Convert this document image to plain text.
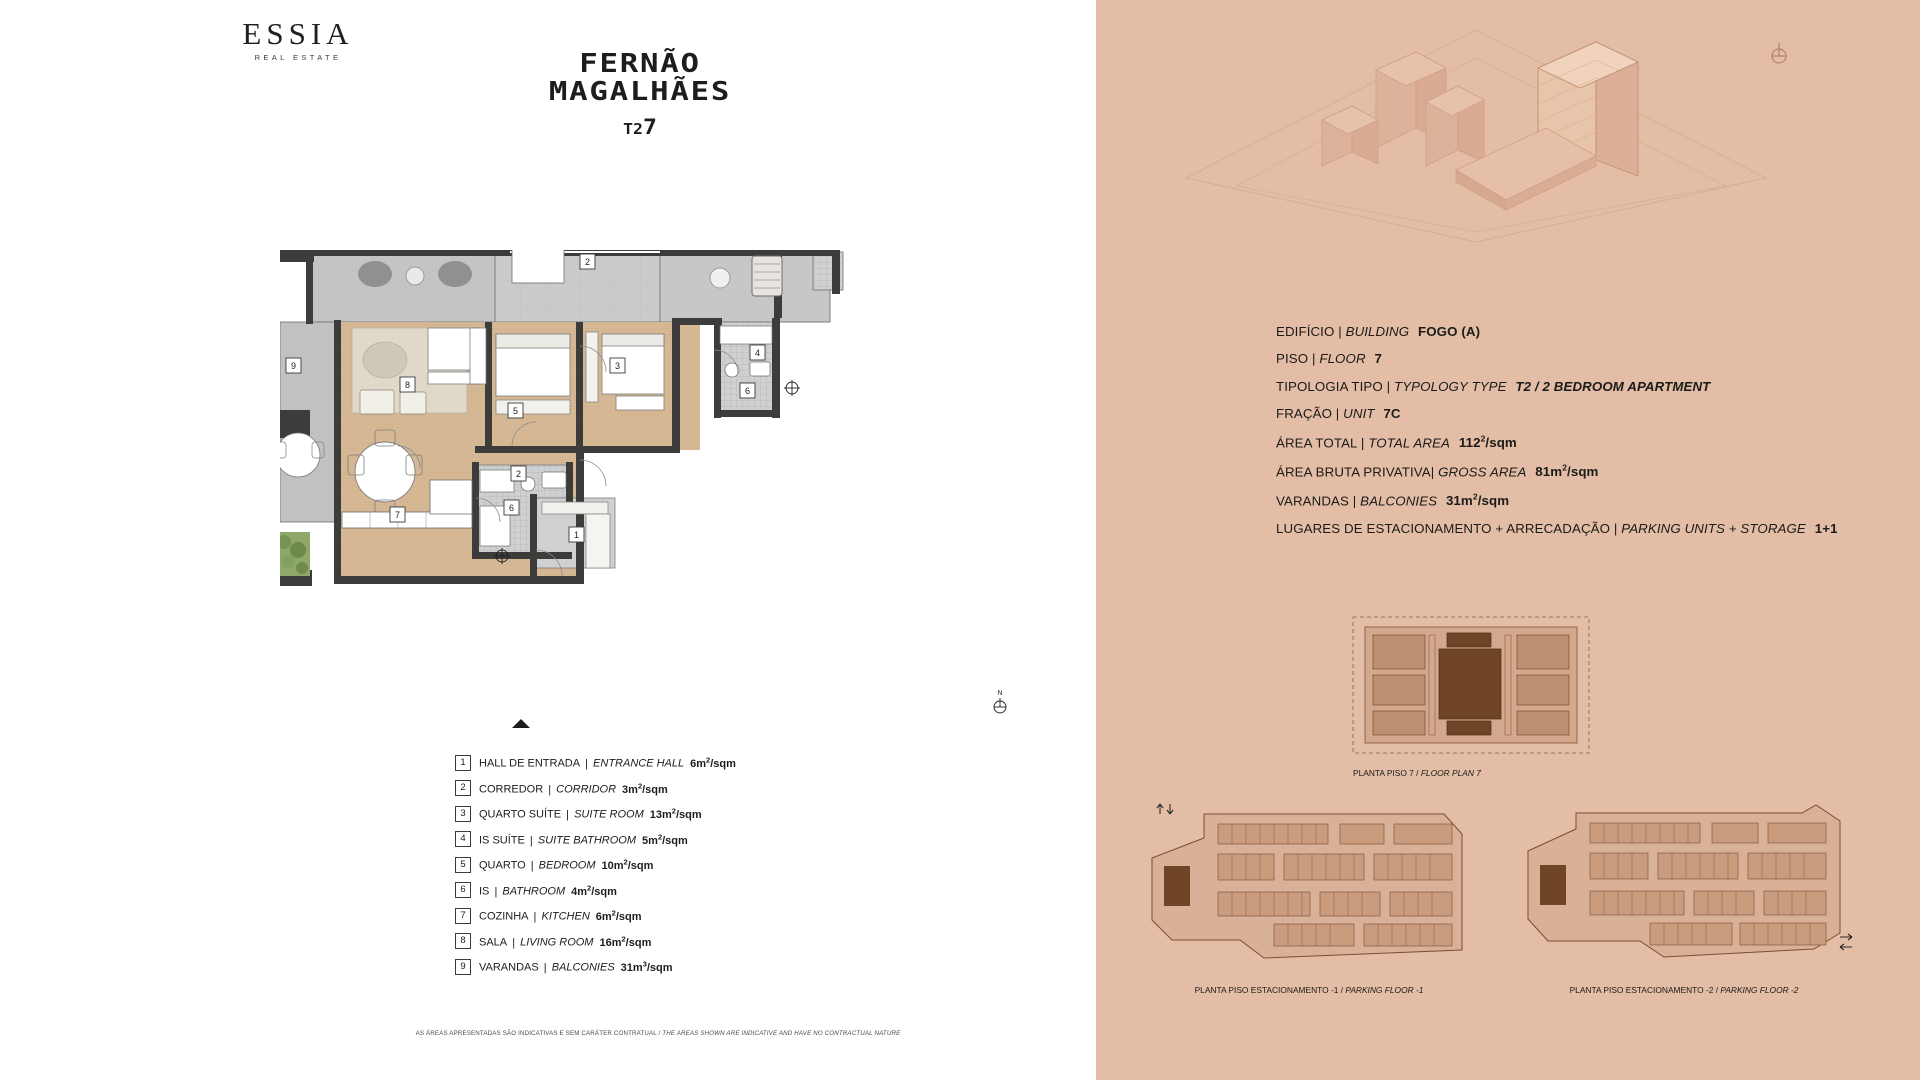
ESSIA
REAL ESTATE	FERNÃO
MAGALHÃES
T27
9
2
3
4
6
5
8
2
7
6
1
N
1	HALL DE ENTRADA | ENTRANCE HALL $6m^2$/sqm
2	CORREDOR | CORRIDOR $3m^2$/sqm
3	QUARTO SUÍTE | SUITE ROOM $13m^2$/sqm
4	IS SUÍTE | SUITE BATHROOM $5m^2$/sqm
5	QUARTO | BEDROOM $10m^2$/sqm
6	IS | BATHROOM $4m^2$/sqm
7	COZINHA | KITCHEN $6m^2$/sqm
8	SALA | LIVING ROOM $16m^2$/sqm
9	VARANDAS | BALCONIES $31m^3$/sqm
AS ÁREAS APRESENTADAS SÃO INDICATIVAS E SEM CARÁTER CONTRATUAL / THE AREAS SHOWN ARE INDICATIVE AND HAVE NO CONTRACTUAL NATURE
EDIFÍCIO | BUILDING FOGO (A)
PISO | FLOOR 7
TIPOLOGIA TIPO | TYPOLOGY TYPE T2 / 2 BEDROOM APARTMENT
FRAÇÃO | UNIT 7C
ÁREA TOTAL | TOTAL AREA $112^2$/sqm
ÁREA BRUTA PRIVATIVA| GROSS AREA $81m^2$/sqm
VARANDAS | BALCONIES $31m^2$/sqm
LUGARES DE ESTACIONAMENTO + ARRECADAÇÃO | PARKING UNITS + STORAGE 1+1
PLANTA PISO 7 / FLOOR PLAN 7
PLANTA PISO ESTACIONAMENTO -1 / PARKING FLOOR -1	PLANTA PISO ESTACIONAMENTO -2 / PARKING FLOOR -2
